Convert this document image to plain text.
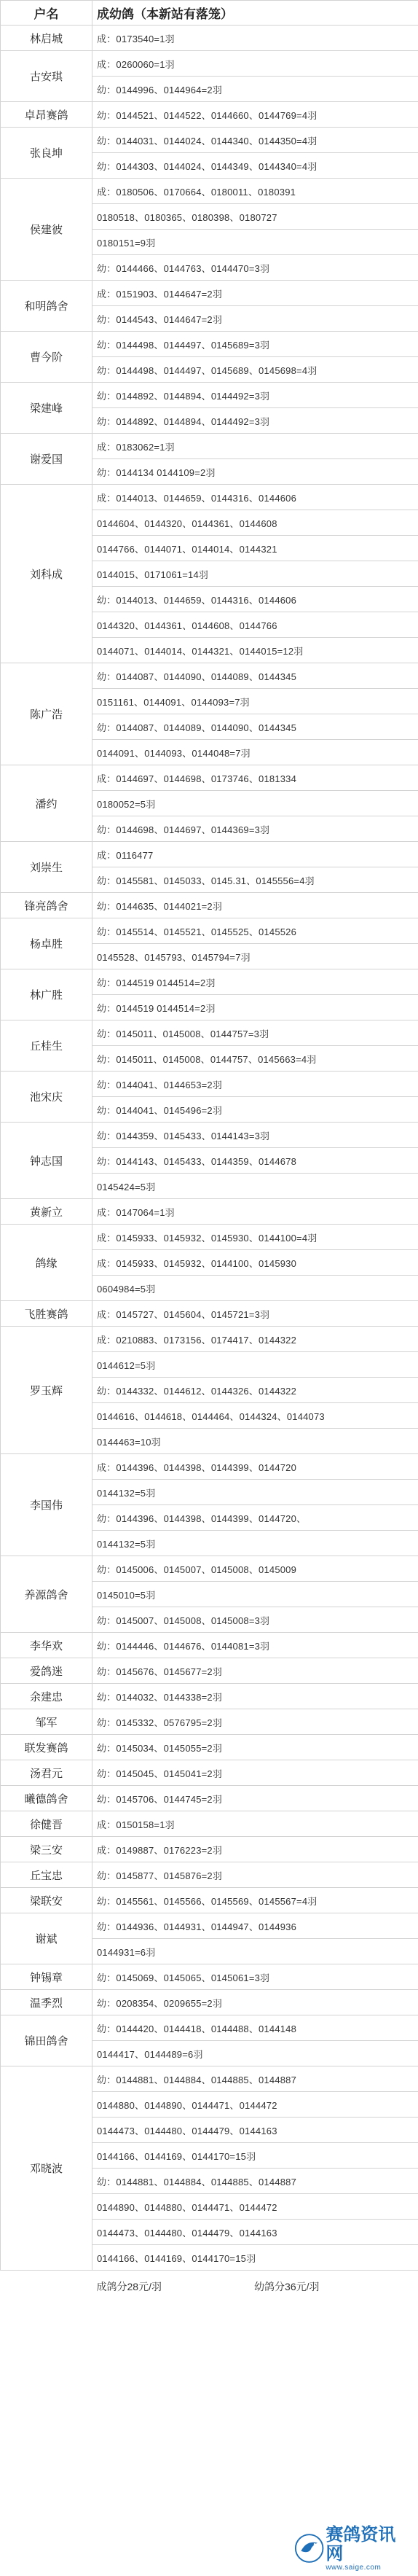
户名	成幼鸽（本新站有落笼）
林启城	成：0173540=1羽
古安琪	成：0260060=1羽
	幼：0144996、0144964=2羽
卓昂赛鸽	幼：0144521、0144522、0144660、0144769=4羽
张良坤	幼：0144031、0144024、0144340、0144350=4羽
	幼：0144303、0144024、0144349、0144340=4羽
侯建彼	成：0180506、0170664、0180011、0180391
	0180518、0180365、0180398、0180727
	0180151=9羽
	幼：0144466、0144763、0144470=3羽
和明鸽舍	成：0151903、0144647=2羽
	幼：0144543、0144647=2羽
曹今阶	幼：0144498、0144497、0145689=3羽
	幼：0144498、0144497、0145689、0145698=4羽
梁建峰	幼：0144892、0144894、0144492=3羽
	幼：0144892、0144894、0144492=3羽
谢爱国	成：0183062=1羽
	幼：0144134 0144109=2羽
刘科成	成：0144013、0144659、0144316、0144606
	0144604、0144320、0144361、0144608
	0144766、0144071、0144014、0144321
	0144015、0171061=14羽
	幼：0144013、0144659、0144316、0144606
	0144320、0144361、0144608、0144766
	0144071、0144014、0144321、0144015=12羽
陈广浩	幼：0144087、0144090、0144089、0144345
	0151161、0144091、0144093=7羽
	幼：0144087、0144089、0144090、0144345
	0144091、0144093、0144048=7羽
潘约	成：0144697、0144698、0173746、0181334
	0180052=5羽
	幼：0144698、0144697、0144369=3羽
刘崇生	成：0116477
	幼：0145581、0145033、0145.31、0145556=4羽
锋亮鸽舍	幼：0144635、0144021=2羽
杨卓胜	幼：0145514、0145521、0145525、0145526
	0145528、0145793、0145794=7羽
林广胜	幼：0144519 0144514=2羽
	幼：0144519 0144514=2羽
丘桂生	幼：0145011、0145008、0144757=3羽
	幼：0145011、0145008、0144757、0145663=4羽
池宋庆	幼：0144041、0144653=2羽
	幼：0144041、0145496=2羽
钟志国	幼：0144359、0145433、0144143=3羽
	幼：0144143、0145433、0144359、0144678
	0145424=5羽
黄新立	成：0147064=1羽
鸽缘	成：0145933、0145932、0145930、0144100=4羽
	成：0145933、0145932、0144100、0145930
	0604984=5羽
飞胜赛鸽	成：0145727、0145604、0145721=3羽
罗玉辉	成：0210883、0173156、0174417、0144322
	0144612=5羽
	幼：0144332、0144612、0144326、0144322
	0144616、0144618、0144464、0144324、0144073
	0144463=10羽
李国伟	成：0144396、0144398、0144399、0144720
	0144132=5羽
	幼：0144396、0144398、0144399、0144720、
	0144132=5羽
养源鸽舍	幼：0145006、0145007、0145008、0145009
	0145010=5羽
	幼：0145007、0145008、0145008=3羽
李华欢	幼：0144446、0144676、0144081=3羽
爱鸽迷	幼：0145676、0145677=2羽
余建忠	幼：0144032、0144338=2羽
邹军	幼：0145332、0576795=2羽
联发赛鸽	幼：0145034、0145055=2羽
汤君元	幼：0145045、0145041=2羽
曦德鸽舍	幼：0145706、0144745=2羽
徐健晋	成：0150158=1羽
梁三安	成：0149887、0176223=2羽
丘宝忠	幼：0145877、0145876=2羽
梁联安	幼：0145561、0145566、0145569、0145567=4羽
谢斌	幼：0144936、0144931、0144947、0144936
	0144931=6羽
钟锡章	幼：0145069、0145065、0145061=3羽
温季烈	幼：0208354、0209655=2羽
锦田鸽舍	幼：0144420、0144418、0144488、0144148
	0144417、0144489=6羽
邓晓波	幼：0144881、0144884、0144885、0144887
	0144880、0144890、0144471、0144472
	0144473、0144480、0144479、0144163
	0144166、0144169、0144170=15羽
	幼：0144881、0144884、0144885、0144887
	0144890、0144880、0144471、0144472
	0144473、0144480、0144479、0144163
	0144166、0144169、0144170=15羽

	成鸽分28元/羽 幼鸽分36元/羽
赛鸽资讯网
www.saige.com
